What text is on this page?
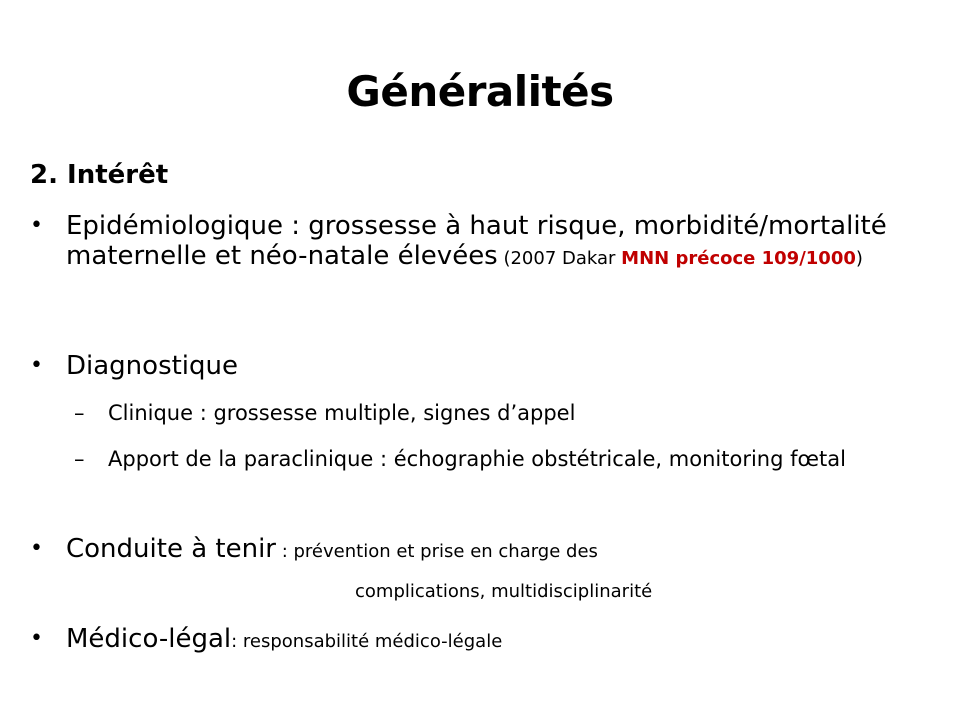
Généralités
2. Intérêt
• Epidémiologique : grossesse à haut risque, morbidité/mortalité maternelle et néo-natale élevées (2007 Dakar MNN précoce 109/1000)
• Diagnostique
– Clinique : grossesse multiple, signes d’appel
– Apport de la paraclinique : échographie obstétricale, monitoring fœtal
• Conduite à tenir : prévention et prise en charge des
complications, multidisciplinarité
• Médico-légal: responsabilité médico-légale
